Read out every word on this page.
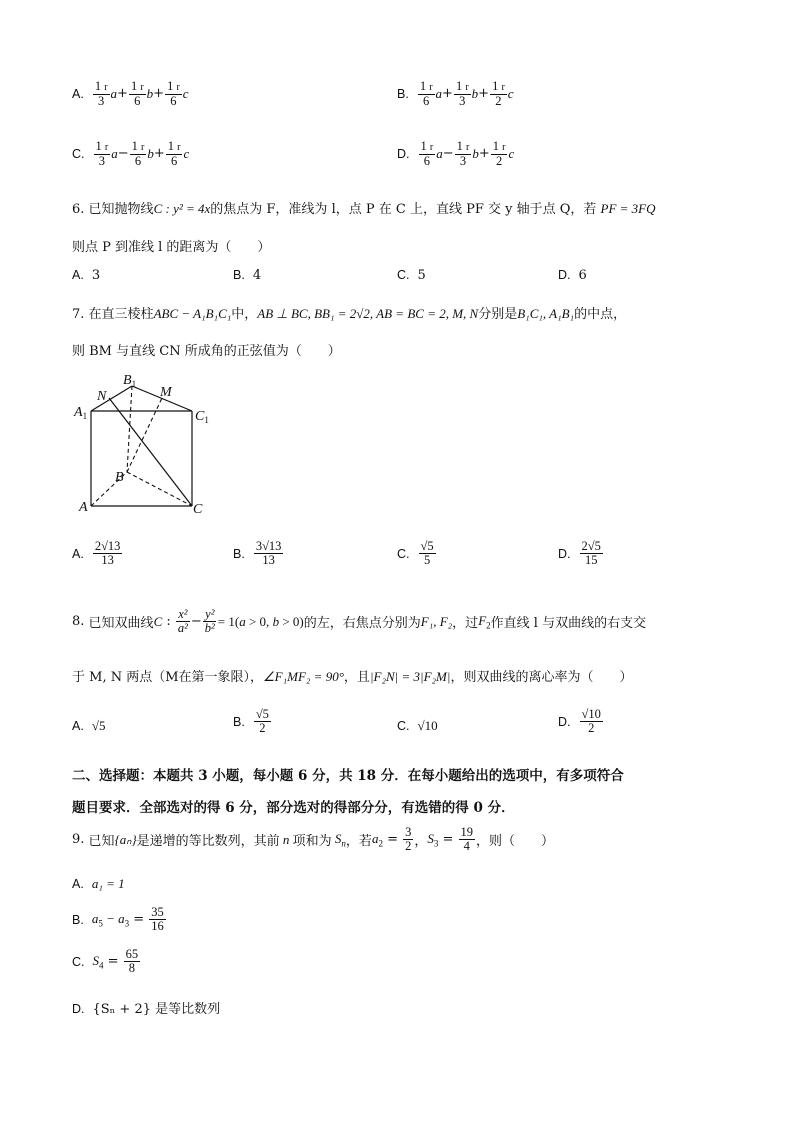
A. $\frac{1 r}{3}$ $a + \frac{1 r}{6}$ $b + \frac{1 r}{6}$ c	B. $\frac{1 r}{6}$ $a + \frac{1 r}{3}$ $b + \frac{1 r}{2}$ c
C. $\frac{1 r}{3}$ $a - \frac{1 r}{6}$ $b + \frac{1 r}{6}$ c	D. $\frac{1 r}{6}$ $a - \frac{1 r}{3}$ $b + \frac{1 r}{2}$ c
6. 已知抛物线C : y² = 4x的焦点为 F，准线为 l，点 P 在 C 上，直线 PF 交 y 轴于点 Q，若 PF = 3FQ
则点 P 到准线 l 的距离为（　　）
A. 3	B. 4	C. 5	D. 6
7. 在直三棱柱ABC − A₁B₁C₁中，AB ⊥ BC, BB₁ = 2√2, AB = BC = 2, M, N分别是B₁C₁, A₁B₁的中点，
则 BM 与直线 CN 所成角的正弦值为（　　）
$B_1$
N	M
$A_1$	$C_1$
B
A	C
A. $\frac{2√13}{13}$	B. $\frac{3√13}{13}$	C. $\frac{√5}{5}$	D. $\frac{2√5}{15}$
8.
已知双曲线 C : $\frac{\text{x²}}{\text{a²}} - \frac{\text{y²}}{\text{b²}} = 1(a > 0$, b > 0) 的左，右焦点分别为 F₁, F₂ ，过 $F_2$ 作直线 l 与双曲线的右支交
于 M, N 两点（M在第一象限），∠F₁MF₂ = 90°，且|F₂N| = 3|F₂M|，则双曲线的离心率为（　　）
A. √5	B. $\frac{√5}{2}$	C. √10	D. $\frac{√10}{2}$
二、选择题：本题共 3 小题，每小题 6 分，共 18 分．在每小题给出的选项中，有多项符合
题目要求．全部选对的得 6 分，部分选对的得部分分，有选错的得 0 分．
9.
已知 {aₙ} 是递增的等比数列，其前 n 项和为 $S_n$ ，若 $a_2 = \frac{3}{2}$ ， $S_3 = \frac{19}{4}$ ，则（　　）
A. a₁ = 1
B. $a_5 - a_3 = \frac{35}{16}$
C. $S_4 = \frac{65}{8}$
D. {Sₙ + 2} 是等比数列
